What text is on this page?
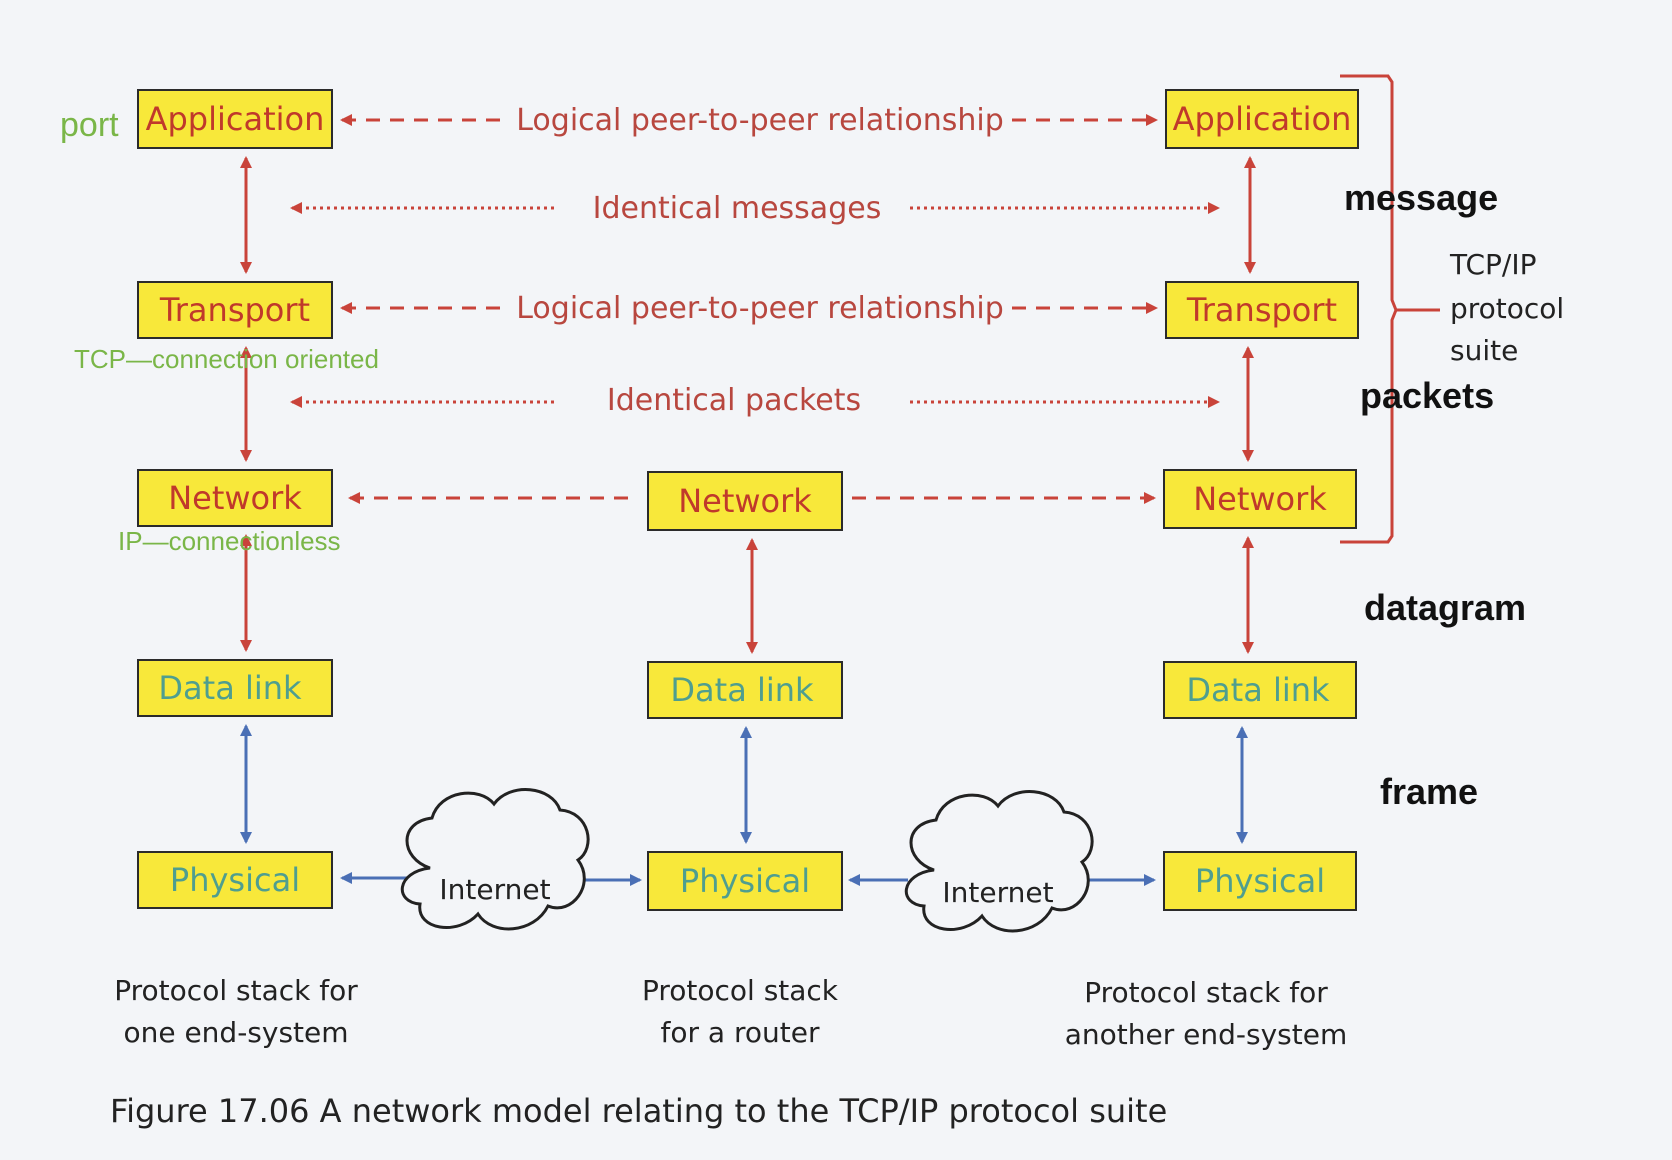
Application
Transport
Network
Data link
Physical
Network
Data link
Physical
Application
Transport
Network
Data link
Physical
Logical peer-to-peer relationship
Identical messages
Logical peer-to-peer relationship
Identical packets
Internet	Internet
TCP/IP
protocol
suite
port
TCP—connection oriented
IP—connectionless
message
packets
datagram
frame
Protocol stack for
one end-system
Protocol stack
for a router
Protocol stack for
another end-system
Figure 17.06 A network model relating to the TCP/IP protocol suite
